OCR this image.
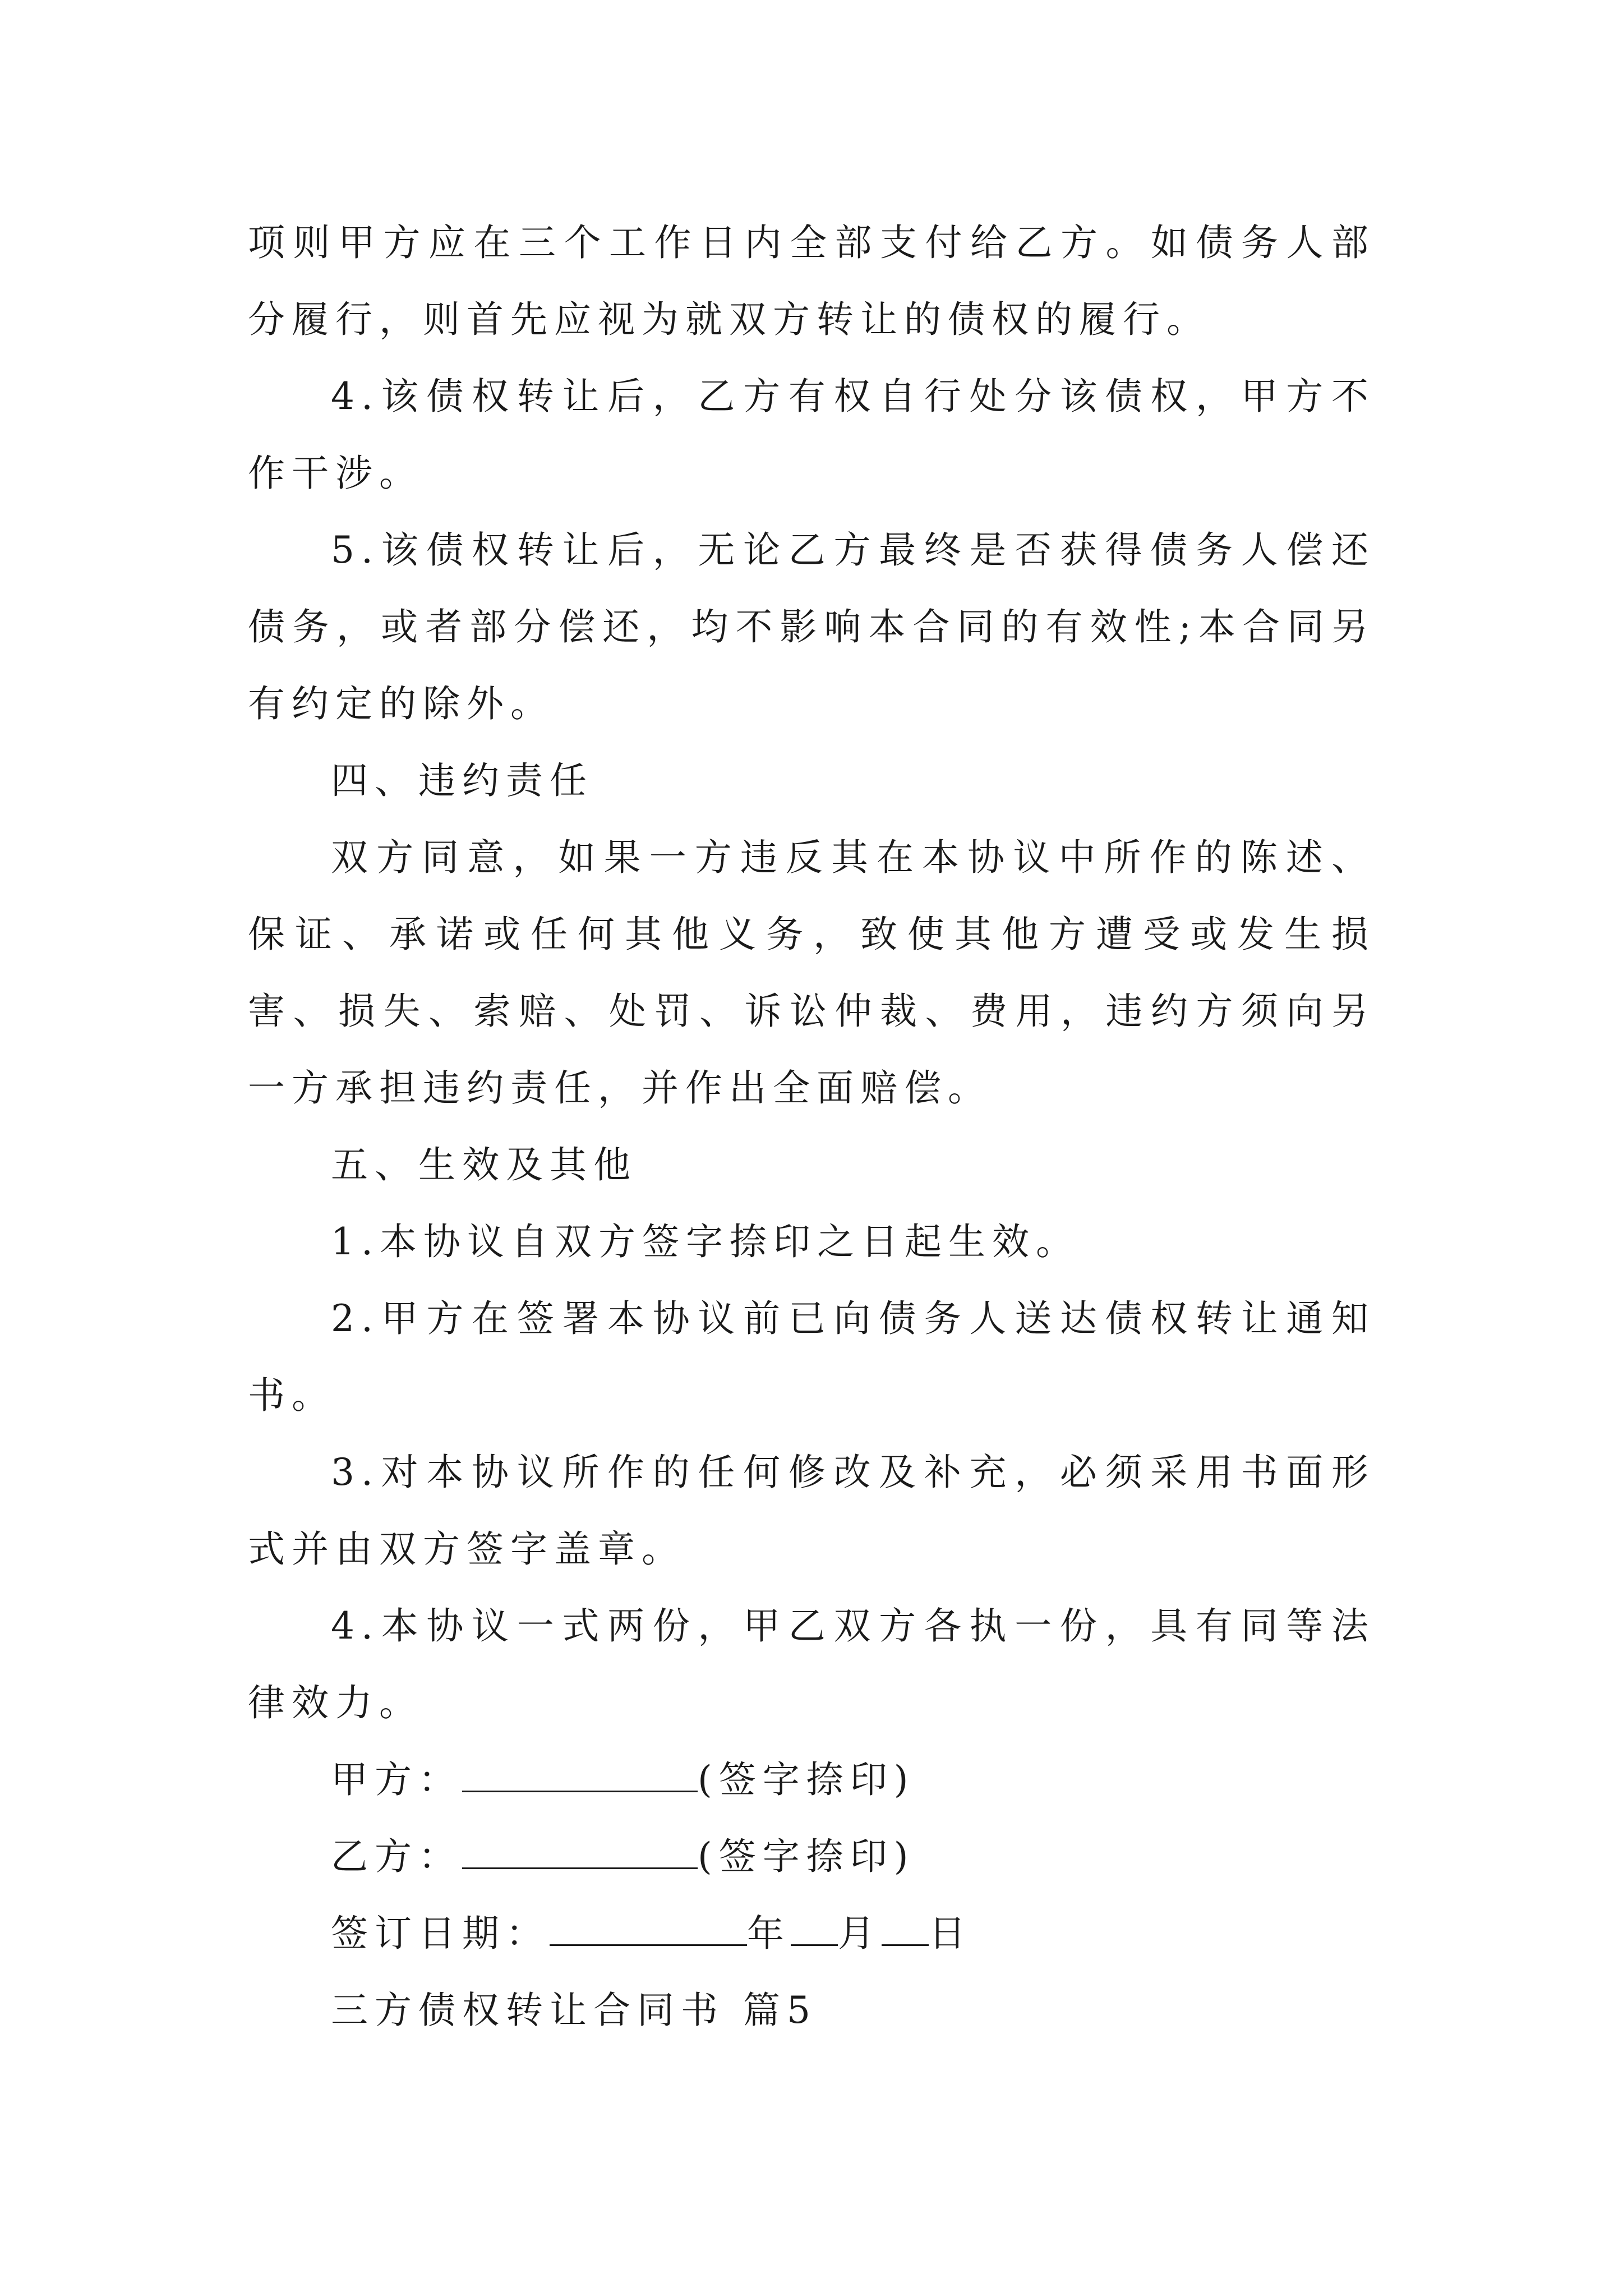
项则甲方应在三个工作日内全部支付给乙方。如债务人部分履行，则首先应视为就双方转让的债权的履行。

4.该债权转让后，乙方有权自行处分该债权，甲方不作干涉。

5.该债权转让后，无论乙方最终是否获得债务人偿还债务，或者部分偿还，均不影响本合同的有效性;本合同另有约定的除外。

四、违约责任

双方同意，如果一方违反其在本协议中所作的陈述、保证、承诺或任何其他义务，致使其他方遭受或发生损害、损失、索赔、处罚、诉讼仲裁、费用，违约方须向另一方承担违约责任，并作出全面赔偿。

五、生效及其他

1.本协议自双方签字捺印之日起生效。

2.甲方在签署本协议前已向债务人送达债权转让通知书。

3.对本协议所作的任何修改及补充，必须采用书面形式并由双方签字盖章。

4.本协议一式两份，甲乙双方各执一份，具有同等法律效力。

甲方：	(签字捺印)

乙方：	(签字捺印)

签订日期：	年 月 日

三方债权转让合同书 篇5
